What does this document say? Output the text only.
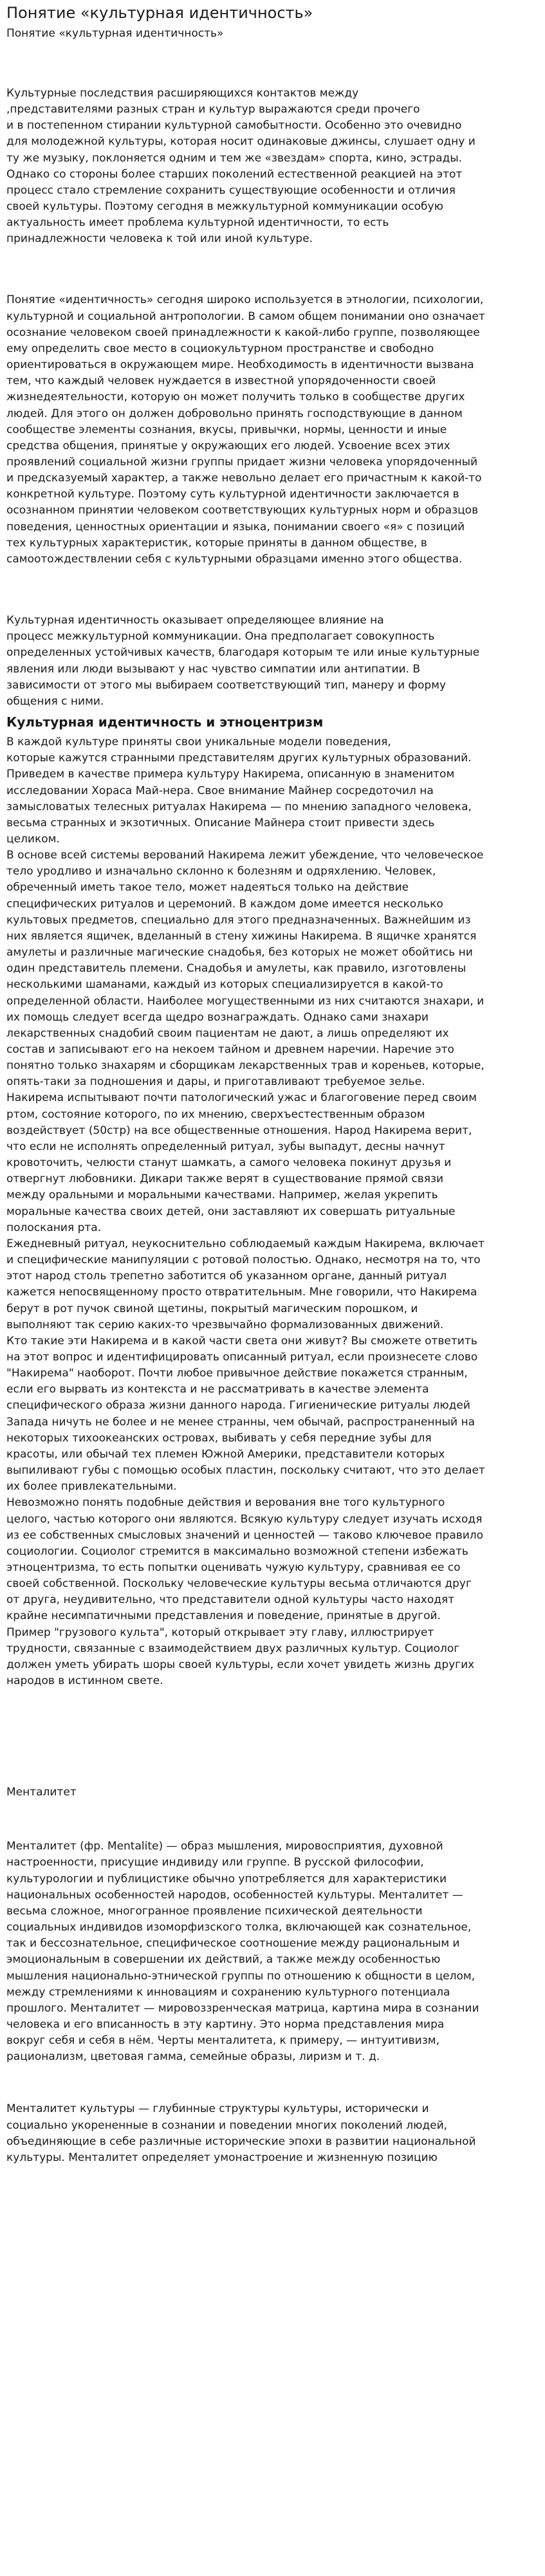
Понятие «культурная идентичность»
Понятие «культурная идентичность»

Культурные последствия расширяющихся контактов между
,представителями разных стран и культур выражаются среди прочего
и в постепенном стирании культурной самобытности. Особенно это очевидно
для молодежной культуры, которая носит одинаковые джинсы, слушает одну и
ту же музыку, поклоняется одним и тем же «звездам» спорта, кино, эстрады.
Однако со стороны более старших поколений естественной реакцией на этот
процесс стало стремление сохранить существующие особенности и отличия
своей культуры. Поэтому сегодня в межкультурной коммуникации особую
актуальность имеет проблема культурной идентичности, то есть
принадлежности человека к той или иной культуре.

Понятие «идентичность» сегодня широко используется в этнологии, психологии,
культурной и социальной антропологии. В самом общем понимании оно означает
осознание человеком своей принадлежности к какой-либо группе, позволяющее
ему определить свое место в социокультурном пространстве и свободно
ориентироваться в окружающем мире. Необходимость в идентичности вызвана
тем, что каждый человек нуждается в известной упорядоченности своей
жизнедеятельности, которую он может получить только в сообществе других
людей. Для этого он должен добровольно принять господствующие в данном
сообществе элементы сознания, вкусы, привычки, нормы, ценности и иные
средства общения, принятые у окружающих его людей. Усвоение всех этих
проявлений социальной жизни группы придает жизни человека упорядоченный
и предсказуемый характер, а также невольно делает его причастным к какой-то
конкретной культуре. Поэтому суть культурной идентичности заключается в
осознанном принятии человеком соответствующих культурных норм и образцов
поведения, ценностных ориентации и языка, понимании своего «я» с позиций
тех культурных характеристик, которые приняты в данном обществе, в
самоотождествлении себя с культурными образцами именно этого общества.

Культурная идентичность оказывает определяющее влияние на
процесс межкультурной коммуникации. Она предполагает совокупность
определенных устойчивых качеств, благодаря которым те или иные культурные
явления или люди вызывают у нас чувство симпатии или антипатии. В
зависимости от этого мы выбираем соответствующий тип, манеру и форму
общения с ними.

Культурная идентичность и этноцентризм

В каждой культуре приняты свои уникальные модели поведения,
которые кажутся странными представителям других культурных образований.
Приведем в качестве примера культуру Накирема, описанную в знаменитом
исследовании Хораса Май-нера. Свое внимание Майнер сосредоточил на
замысловатых телесных ритуалах Накирема — по мнению западного человека,
весьма странных и экзотичных. Описание Майнера стоит привести здесь
целиком.
В основе всей системы верований Накирема лежит убеждение, что человеческое
тело уродливо и изначально склонно к болезням и одряхлению. Человек,
обреченный иметь такое тело, может надеяться только на действие
специфических ритуалов и церемоний. В каждом доме имеется несколько
культовых предметов, специально для этого предназначенных. Важнейшим из
них является ящичек, вделанный в стену хижины Накирема. В ящичке хранятся
амулеты и различные магические снадобья, без которых не может обойтись ни
один представитель племени. Снадобья и амулеты, как правило, изготовлены
несколькими шаманами, каждый из которых специализируется в какой-то
определенной области. Наиболее могущественными из них считаются знахари, и
их помощь следует всегда щедро вознаграждать. Однако сами знахари
лекарственных снадобий своим пациентам не дают, а лишь определяют их
состав и записывают его на некоем тайном и древнем наречии. Наречие это
понятно только знахарям и сборщикам лекарственных трав и кореньев, которые,
опять-таки за подношения и дары, и приготавливают требуемое зелье.
Накирема испытывают почти патологический ужас и благоговение перед своим
ртом, состояние которого, по их мнению, сверхъестественным образом
воздействует (50стр) на все общественные отношения. Народ Накирема верит,
что если не исполнять определенный ритуал, зубы выпадут, десны начнут
кровоточить, челюсти станут шамкать, а самого человека покинут друзья и
отвергнут любовники. Дикари также верят в существование прямой связи
между оральными и моральными качествами. Например, желая укрепить
моральные качества своих детей, они заставляют их совершать ритуальные
полоскания рта.
Ежедневный ритуал, неукоснительно соблюдаемый каждым Накирема, включает
и специфические манипуляции с ротовой полостью. Однако, несмотря на то, что
этот народ столь трепетно заботится об указанном органе, данный ритуал
кажется непосвященному просто отвратительным. Мне говорили, что Накирема
берут в рот пучок свиной щетины, покрытый магическим порошком, и
выполняют так серию каких-то чрезвычайно формализованных движений.
Кто такие эти Накирема и в какой части света они живут? Вы сможете ответить
на этот вопрос и идентифицировать описанный ритуал, если произнесете слово
"Накирема" наоборот. Почти любое привычное действие покажется странным,
если его вырвать из контекста и не рассматривать в качестве элемента
специфического образа жизни данного народа. Гигиенические ритуалы людей
Запада ничуть не более и не менее странны, чем обычай, распространенный на
некоторых тихоокеанских островах, выбивать у себя передние зубы для
красоты, или обычай тех племен Южной Америки, представители которых
выпиливают губы с помощью особых пластин, поскольку считают, что это делает
их более привлекательными.
Невозможно понять подобные действия и верования вне того культурного
целого, частью которого они являются. Всякую культуру следует изучать исходя
из ее собственных смысловых значений и ценностей — таково ключевое правило
социологии. Социолог стремится в максимально возможной степени избежать
этноцентризма, то есть попытки оценивать чужую культуру, сравнивая ее со
своей собственной. Поскольку человеческие культуры весьма отличаются друг
от друга, неудивительно, что представители одной культуры часто находят
крайне несимпатичными представления и поведение, принятые в другой.
Пример "грузового культа", который открывает эту главу, иллюстрирует
трудности, связанные с взаимодействием двух различных культур. Социолог
должен уметь убирать шоры своей культуры, если хочет увидеть жизнь других
народов в истинном свете.

Менталитет

Менталитет (фр. Mentalite) — образ мышления, мировосприятия, духовной
настроенности, присущие индивиду или группе. В русской философии,
культурологии и публицистике обычно употребляется для характеристики
национальных особенностей народов, особенностей культуры. Менталитет —
весьма сложное, многогранное проявление психической деятельности
социальных индивидов изоморфизского толка, включающей как сознательное,
так и бессознательное, специфическое соотношение между рациональным и
эмоциональным в совершении их действий, а также между особенностью
мышления национально-этнической группы по отношению к общности в целом,
между стремлениями к инновациям и сохранению культурного потенциала
прошлого. Менталитет — мировоззренческая матрица, картина мира в сознании
человека и его вписанность в эту картину. Это норма представления мира
вокруг себя и себя в нём. Черты менталитета, к примеру, — интуитивизм,
рационализм, цветовая гамма, семейные образы, лиризм и т. д.

Менталитет культуры — глубинные структуры культуры, исторически и
социально укорененные в сознании и поведении многих поколений людей,
объединяющие в себе различные исторические эпохи в развитии национальной
культуры. Менталитет определяет умонастроение и жизненную позицию
